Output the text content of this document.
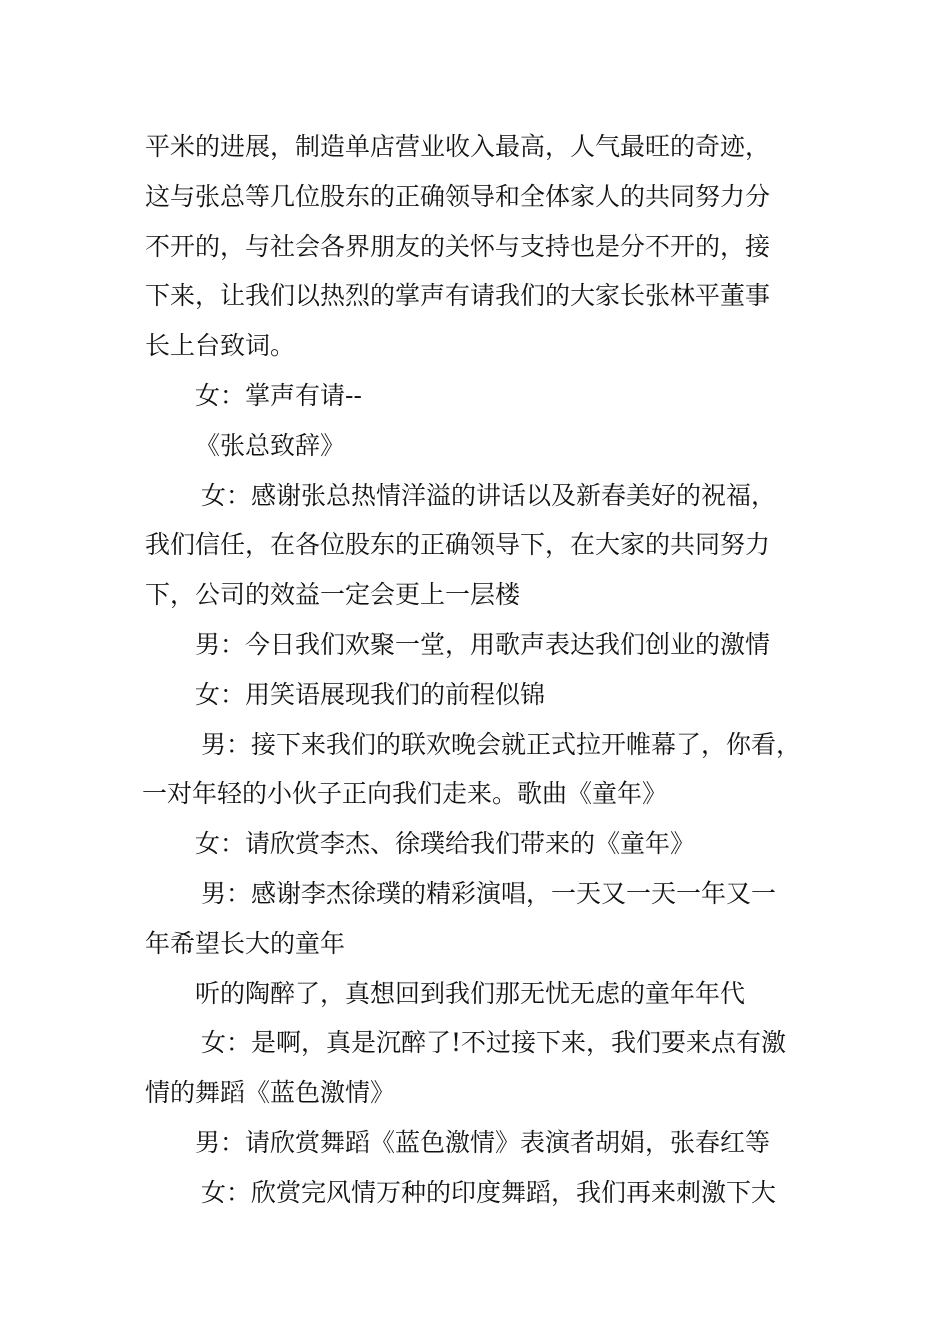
平米的进展，制造单店营业收入最高，人气最旺的奇迹，

这与张总等几位股东的正确领导和全体家人的共同努力分

不开的，与社会各界朋友的关怀与支持也是分不开的，接

下来，让我们以热烈的掌声有请我们的大家长张林平董事

长上台致词。

女：掌声有请--

《张总致辞》

女：感谢张总热情洋溢的讲话以及新春美好的祝福，

我们信任，在各位股东的正确领导下，在大家的共同努力

下，公司的效益一定会更上一层楼

男：今日我们欢聚一堂，用歌声表达我们创业的激情

女：用笑语展现我们的前程似锦

男：接下来我们的联欢晚会就正式拉开帷幕了，你看，

一对年轻的小伙子正向我们走来。歌曲《童年》

女：请欣赏李杰、徐璞给我们带来的《童年》

男：感谢李杰徐璞的精彩演唱，一天又一天一年又一

年希望长大的童年

听的陶醉了，真想回到我们那无忧无虑的童年年代

女：是啊，真是沉醉了!不过接下来，我们要来点有激

情的舞蹈《蓝色激情》

男：请欣赏舞蹈《蓝色激情》表演者胡娟，张春红等

女：欣赏完风情万种的印度舞蹈，我们再来刺激下大
